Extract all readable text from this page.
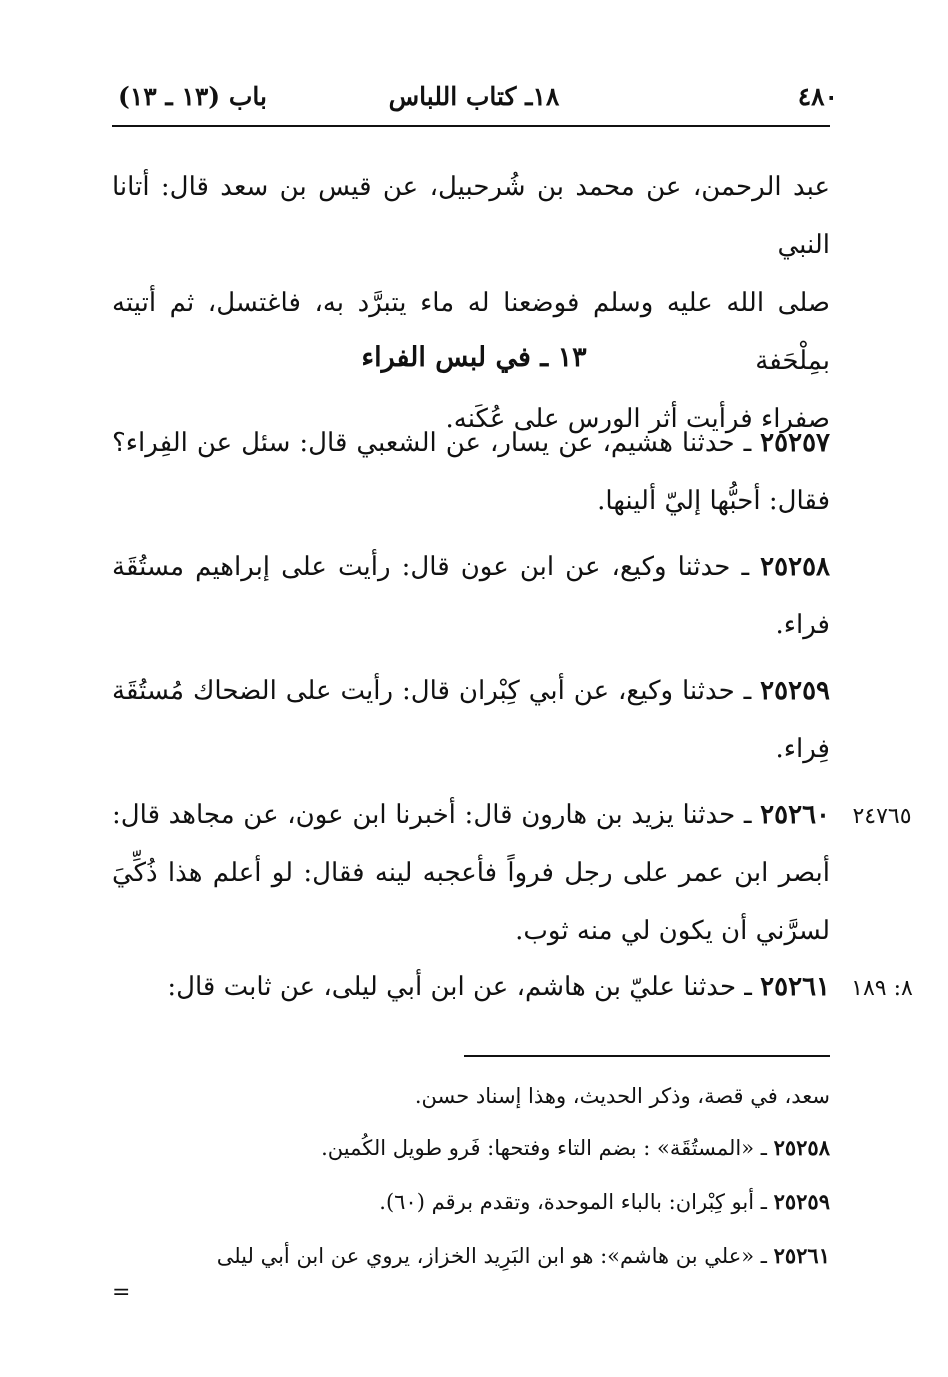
٤٨٠
١٨ـ كتاب اللباس
باب (١٣ ـ ١٣)
عبد الرحمن، عن محمد بن شُرحبيل، عن قيس بن سعد قال: أتانا النبي
صلى الله عليه وسلم فوضعنا له ماء يتبرَّد به، فاغتسل، ثم أتيته بمِلْحَفة
صفراء فرأيت أثر الورس على عُكَنه.
١٣ ـ في لبس الفراء
٢٥٢٥٧ ـ حدثنا هشيم، عن يسار، عن الشعبي قال: سئل عن الفِراء؟ فقال: أحبُّها إليّ ألينها.
٢٥٢٥٨ ـ حدثنا وكيع، عن ابن عون قال: رأيت على إبراهيم مستُقَة فراء.
٢٥٢٥٩ ـ حدثنا وكيع، عن أبي كِبْران قال: رأيت على الضحاك مُستُقَة فِراء.
٢٥٢٦٠ ـ حدثنا يزيد بن هارون قال: أخبرنا ابن عون، عن مجاهد قال: أبصر ابن عمر على رجل فرواً فأعجبه لينه فقال: لو أعلم هذا ذُكِّيَ لسرَّني أن يكون لي منه ثوب.
٢٤٧٦٥
٢٥٢٦١ ـ حدثنا عليّ بن هاشم، عن ابن أبي ليلى، عن ثابت قال:	٨: ١٨٩
سعد، في قصة، وذكر الحديث، وهذا إسناد حسن.
٢٥٢٥٨ ـ «المستُقَة» : بضم التاء وفتحها: فَرو طويل الكُمين.
٢٥٢٥٩ ـ أبو كِبْران: بالباء الموحدة، وتقدم برقم (٦٠).
٢٥٢٦١ ـ «علي بن هاشم»: هو ابن البَرِيد الخزاز، يروي عن ابن أبي ليلى
=
